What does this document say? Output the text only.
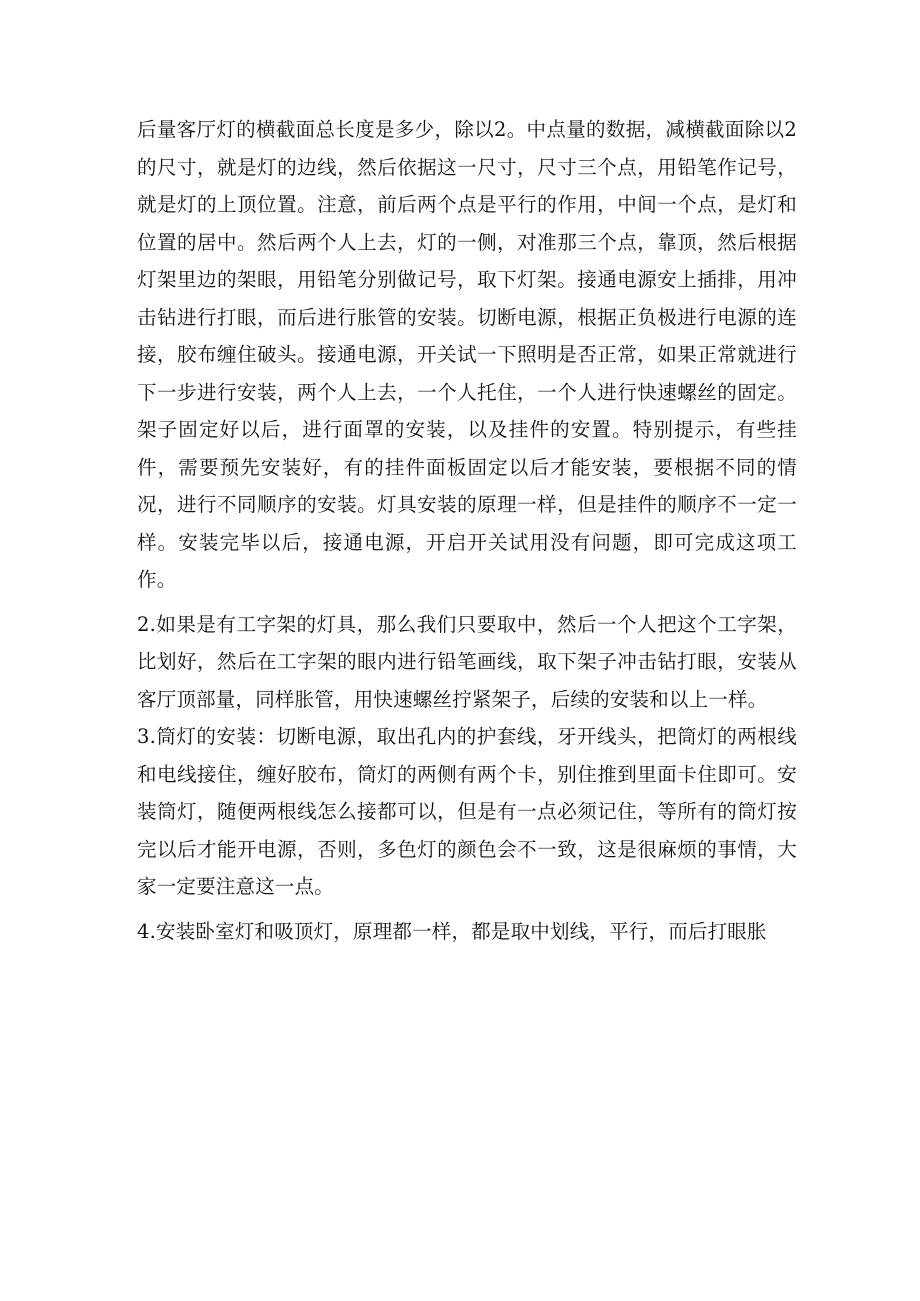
后量客厅灯的横截面总长度是多少，除以2。中点量的数据，减横截面除以2的尺寸，就是灯的边线，然后依据这一尺寸，尺寸三个点，用铅笔作记号，就是灯的上顶位置。注意，前后两个点是平行的作用，中间一个点，是灯和位置的居中。然后两个人上去，灯的一侧，对准那三个点，靠顶，然后根据灯架里边的架眼，用铅笔分别做记号，取下灯架。接通电源安上插排，用冲击钻进行打眼，而后进行胀管的安装。切断电源，根据正负极进行电源的连接，胶布缠住破头。接通电源，开关试一下照明是否正常，如果正常就进行下一步进行安装，两个人上去，一个人托住，一个人进行快速螺丝的固定。架子固定好以后，进行面罩的安装，以及挂件的安置。特别提示，有些挂件，需要预先安装好，有的挂件面板固定以后才能安装，要根据不同的情况，进行不同顺序的安装。灯具安装的原理一样，但是挂件的顺序不一定一样。安装完毕以后，接通电源，开启开关试用没有问题，即可完成这项工作。

2.如果是有工字架的灯具，那么我们只要取中，然后一个人把这个工字架，比划好，然后在工字架的眼内进行铅笔画线，取下架子冲击钻打眼，安装从客厅顶部量，同样胀管，用快速螺丝拧紧架子，后续的安装和以上一样。

3.筒灯的安装：切断电源，取出孔内的护套线，牙开线头，把筒灯的两根线和电线接住，缠好胶布，筒灯的两侧有两个卡，别住推到里面卡住即可。安装筒灯，随便两根线怎么接都可以，但是有一点必须记住，等所有的筒灯按完以后才能开电源，否则，多色灯的颜色会不一致，这是很麻烦的事情，大家一定要注意这一点。

4.安装卧室灯和吸顶灯，原理都一样，都是取中划线，平行，而后打眼胀
